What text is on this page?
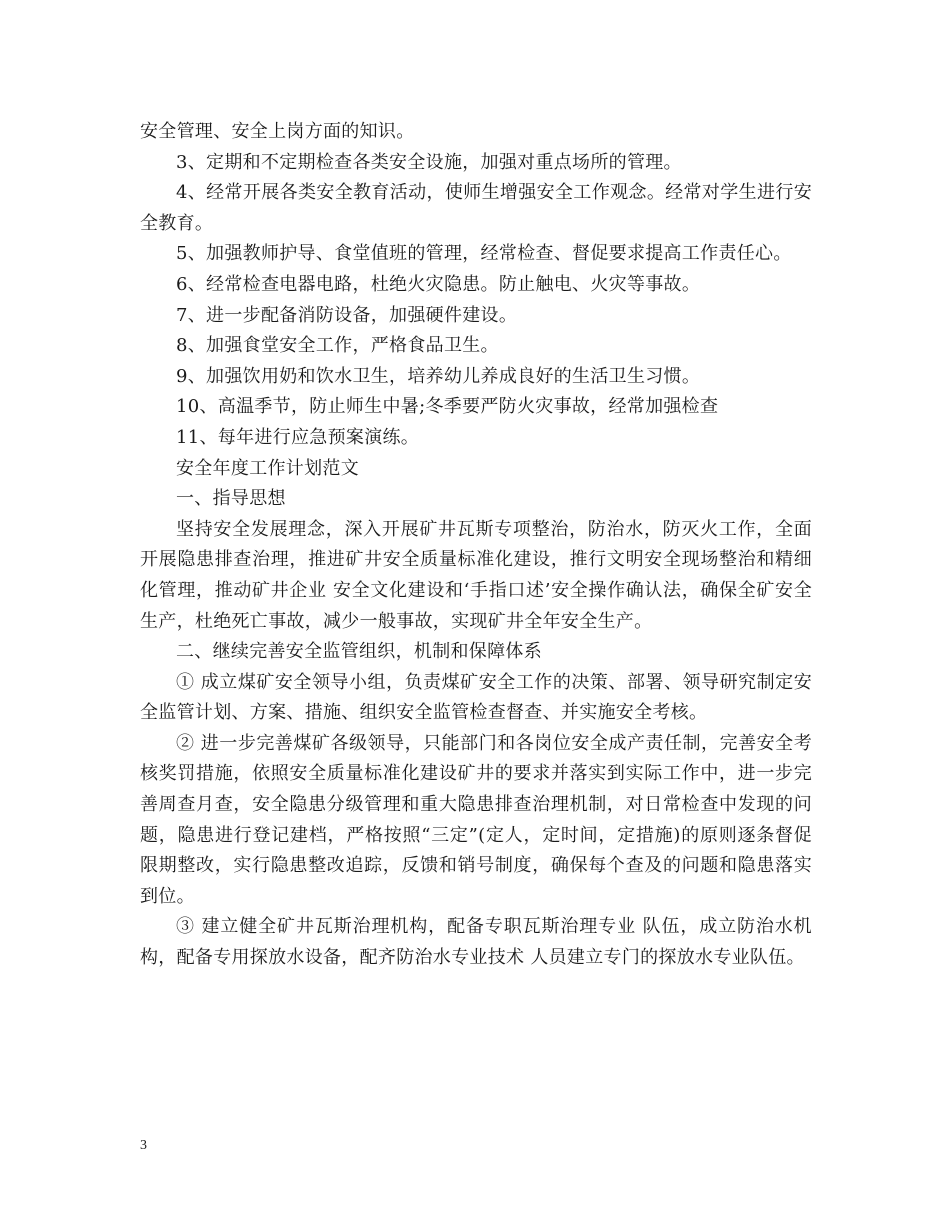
安全管理、安全上岗方面的知识。

3、定期和不定期检查各类安全设施，加强对重点场所的管理。

4、经常开展各类安全教育活动，使师生增强安全工作观念。经常对学生进行安全教育。

5、加强教师护导、食堂值班的管理，经常检查、督促要求提高工作责任心。

6、经常检查电器电路，杜绝火灾隐患。防止触电、火灾等事故。

7、进一步配备消防设备，加强硬件建设。

8、加强食堂安全工作，严格食品卫生。

9、加强饮用奶和饮水卫生，培养幼儿养成良好的生活卫生习惯。

10、高温季节，防止师生中暑;冬季要严防火灾事故，经常加强检查

11、每年进行应急预案演练。

安全年度工作计划范文

一、指导思想

坚持安全发展理念，深入开展矿井瓦斯专项整治，防治水，防灭火工作，全面开展隐患排查治理，推进矿井安全质量标准化建设，推行文明安全现场整治和精细化管理，推动矿井企业 安全文化建设和‘手指口述’安全操作确认法，确保全矿安全生产，杜绝死亡事故，减少一般事故，实现矿井全年安全生产。

二、继续完善安全监管组织，机制和保障体系

① 成立煤矿安全领导小组，负责煤矿安全工作的决策、部署、领导研究制定安全监管计划、方案、措施、组织安全监管检查督查、并实施安全考核。

② 进一步完善煤矿各级领导，只能部门和各岗位安全成产责任制，完善安全考核奖罚措施，依照安全质量标准化建设矿井的要求并落实到实际工作中，进一步完善周查月查，安全隐患分级管理和重大隐患排查治理机制，对日常检查中发现的问题，隐患进行登记建档，严格按照“三定”(定人，定时间，定措施)的原则逐条督促限期整改，实行隐患整改追踪，反馈和销号制度，确保每个查及的问题和隐患落实到位。

③ 建立健全矿井瓦斯治理机构，配备专职瓦斯治理专业 队伍，成立防治水机构，配备专用探放水设备，配齐防治水专业技术 人员建立专门的探放水专业队伍。

3
